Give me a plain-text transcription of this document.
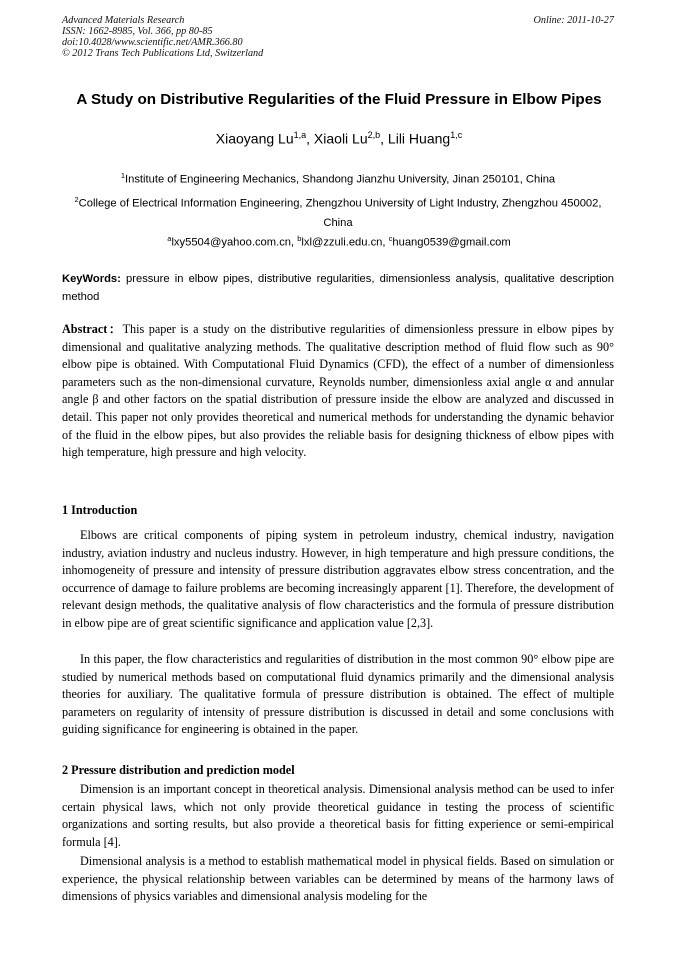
Advanced Materials Research
ISSN: 1662-8985, Vol. 366, pp 80-85
doi:10.4028/www.scientific.net/AMR.366.80
© 2012 Trans Tech Publications Ltd, Switzerland
Online: 2011-10-27
A Study on Distributive Regularities of the Fluid Pressure in Elbow Pipes
Xiaoyang Lu$^{1,a}$, Xiaoli Lu$^{2,b}$, Lili Huang$^{1,c}$
$^1$Institute of Engineering Mechanics, Shandong Jianzhu University, Jinan 250101, China
$^2$College of Electrical Information Engineering, Zhengzhou University of Light Industry, Zhengzhou 450002, China
$^a$lxy5504@yahoo.com.cn, $^b$lxl@zzuli.edu.cn, $^c$huang0539@gmail.com
KeyWords: pressure in elbow pipes, distributive regularities, dimensionless analysis, qualitative description method
Abstract：This paper is a study on the distributive regularities of dimensionless pressure in elbow pipes by dimensional and qualitative analyzing methods. The qualitative description method of fluid flow such as 90° elbow pipe is obtained. With Computational Fluid Dynamics (CFD), the effect of a number of dimensionless parameters such as the non-dimensional curvature, Reynolds number, dimensionless axial angle α and annular angle β and other factors on the spatial distribution of pressure inside the elbow are analyzed and discussed in detail. This paper not only provides theoretical and numerical methods for understanding the dynamic behavior of the fluid in the elbow pipes, but also provides the reliable basis for designing thickness of elbow pipes with high temperature, high pressure and high velocity.
1 Introduction
Elbows are critical components of piping system in petroleum industry, chemical industry, navigation industry, aviation industry and nucleus industry. However, in high temperature and high pressure conditions, the inhomogeneity of pressure and intensity of pressure distribution aggravates elbow stress concentration, and the occurrence of damage to failure problems are becoming increasingly apparent [1]. Therefore, the development of relevant design methods, the qualitative analysis of flow characteristics and the formula of pressure distribution in elbow pipe are of great scientific significance and application value [2,3].
In this paper, the flow characteristics and regularities of distribution in the most common 90° elbow pipe are studied by numerical methods based on computational fluid dynamics primarily and the dimensional analysis theories for auxiliary. The qualitative formula of pressure distribution is obtained. The effect of multiple parameters on regularity of intensity of pressure distribution is discussed in detail and some conclusions with guiding significance for engineering is obtained in the paper.
2 Pressure distribution and prediction model
Dimension is an important concept in theoretical analysis. Dimensional analysis method can be used to infer certain physical laws, which not only provide theoretical guidance in testing the process of scientific organizations and sorting results, but also provide a theoretical basis for fitting experience or semi-empirical formula [4].
Dimensional analysis is a method to establish mathematical model in physical fields. Based on simulation or experience, the physical relationship between variables can be determined by means of the harmony laws of dimensions of physics variables and dimensional analysis modeling for the
